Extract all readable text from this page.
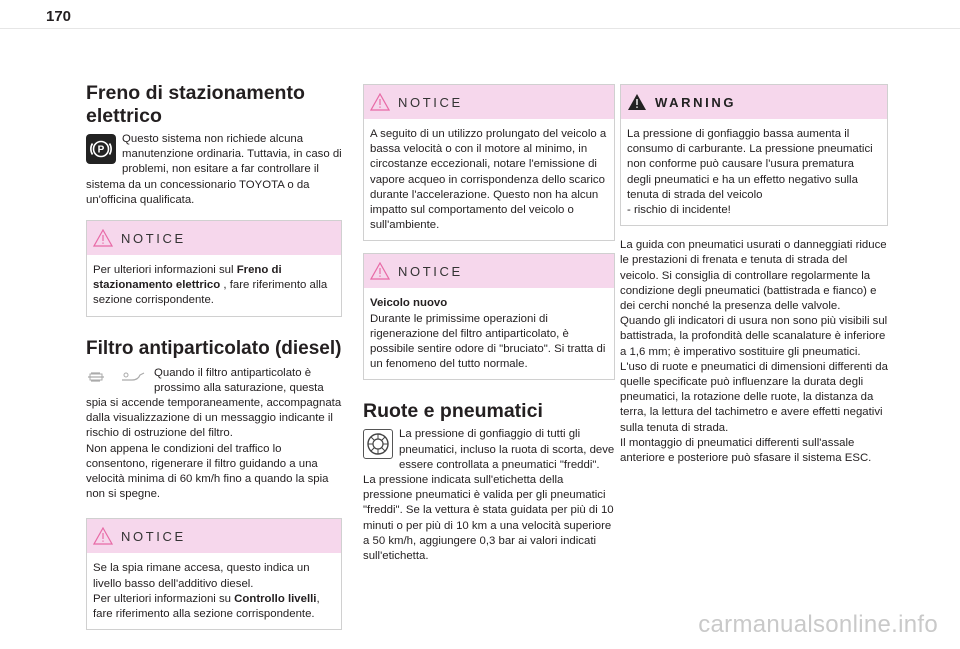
170
Freno di stazionamento
elettrico
P
Questo sistema non richiede alcuna manutenzione ordinaria. Tuttavia, in caso di problemi, non esitare a far controllare il sistema da un concessionario TOYOTA o da un'officina qualificata.
NOTICE
Per ulteriori informazioni sul Freno di stazionamento elettrico , fare riferimento alla sezione corrispondente.
Filtro antiparticolato (diesel)
Quando il filtro antiparticolato è prossimo alla saturazione, questa spia si accende temporaneamente, accompagnata dalla visualizzazione di un messaggio indicante il rischio di ostruzione del filtro.
Non appena le condizioni del traffico lo consentono, rigenerare il filtro guidando a una velocità minima di 60 km/h fino a quando la spia non si spegne.
NOTICE
Se la spia rimane accesa, questo indica un livello basso dell'additivo diesel.
Per ulteriori informazioni su Controllo livelli, fare riferimento alla sezione corrispondente.
NOTICE
A seguito di un utilizzo prolungato del veicolo a bassa velocità o con il motore al minimo, in circostanze eccezionali, notare l'emissione di vapore acqueo in corrispondenza dello scarico durante l'accelerazione. Questo non ha alcun impatto sul comportamento del veicolo o sull'ambiente.
NOTICE
Veicolo nuovo
Durante le primissime operazioni di rigenerazione del filtro antiparticolato, è possibile sentire odore di "bruciato". Si tratta di un fenomeno del tutto normale.
Ruote e pneumatici
La pressione di gonfiaggio di tutti gli pneumatici, incluso la ruota di scorta, deve essere controllata a pneumatici "freddi".
La pressione indicata sull'etichetta della pressione pneumatici è valida per gli pneumatici "freddi". Se la vettura è stata guidata per più di 10 minuti o per più di 10 km a una velocità superiore a 50 km/h, aggiungere 0,3 bar ai valori indicati sull'etichetta.
WARNING
La pressione di gonfiaggio bassa aumenta il consumo di carburante. La pressione pneumatici non conforme può causare l'usura prematura degli pneumatici e ha un effetto negativo sulla tenuta di strada del veicolo
- rischio di incidente!
La guida con pneumatici usurati o danneggiati riduce le prestazioni di frenata e tenuta di strada del veicolo. Si consiglia di controllare regolarmente la condizione degli pneumatici (battistrada e fianco) e dei cerchi nonché la presenza delle valvole.
Quando gli indicatori di usura non sono più visibili sul battistrada, la profondità delle scanalature è inferiore a 1,6 mm; è imperativo sostituire gli pneumatici.
L'uso di ruote e pneumatici di dimensioni differenti da quelle specificate può influenzare la durata degli pneumatici, la rotazione delle ruote, la distanza da terra, la lettura del tachimetro e avere effetti negativi sulla tenuta di strada.
Il montaggio di pneumatici differenti sull'assale anteriore e posteriore può sfasare il sistema ESC.
carmanualsonline.info
